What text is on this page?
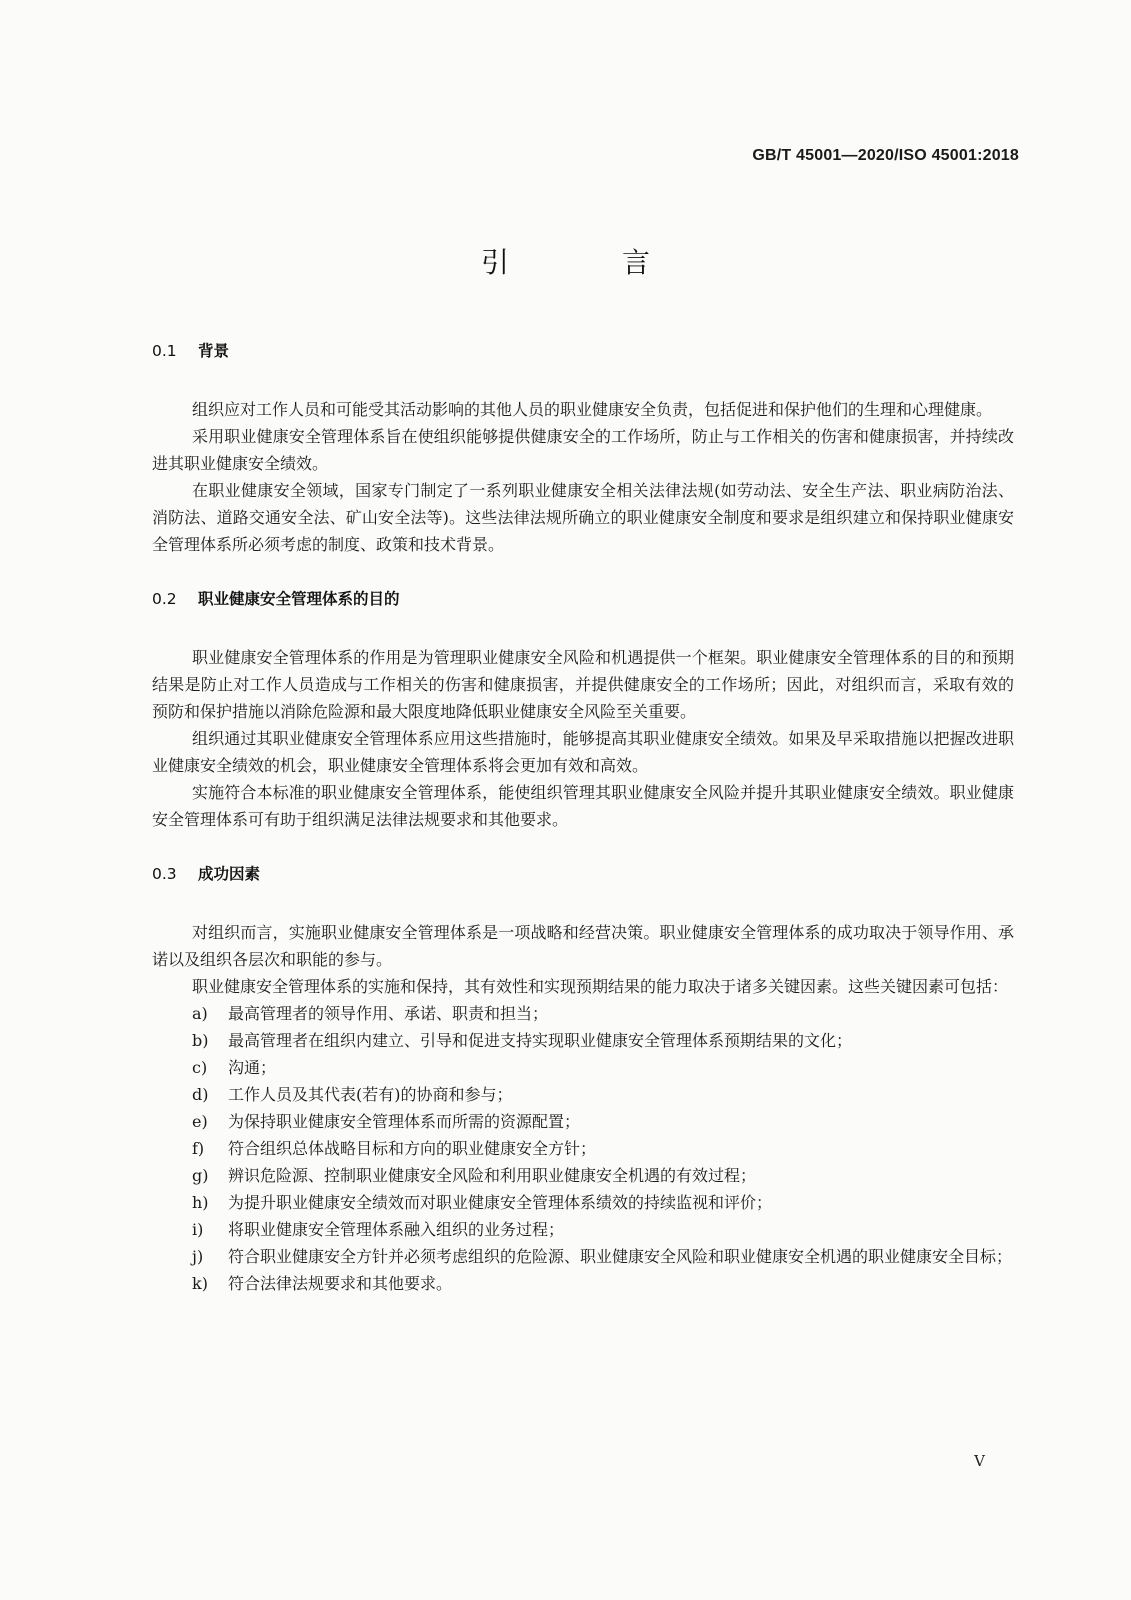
GB/T 45001—2020/ISO 45001:2018
引 言
0.1 背景

组织应对工作人员和可能受其活动影响的其他人员的职业健康安全负责，包括促进和保护他们的生理和心理健康。

采用职业健康安全管理体系旨在使组织能够提供健康安全的工作场所，防止与工作相关的伤害和健康损害，并持续改进其职业健康安全绩效。

在职业健康安全领域，国家专门制定了一系列职业健康安全相关法律法规(如劳动法、安全生产法、职业病防治法、消防法、道路交通安全法、矿山安全法等)。这些法律法规所确立的职业健康安全制度和要求是组织建立和保持职业健康安全管理体系所必须考虑的制度、政策和技术背景。

0.2 职业健康安全管理体系的目的

职业健康安全管理体系的作用是为管理职业健康安全风险和机遇提供一个框架。职业健康安全管理体系的目的和预期结果是防止对工作人员造成与工作相关的伤害和健康损害，并提供健康安全的工作场所；因此，对组织而言，采取有效的预防和保护措施以消除危险源和最大限度地降低职业健康安全风险至关重要。

组织通过其职业健康安全管理体系应用这些措施时，能够提高其职业健康安全绩效。如果及早采取措施以把握改进职业健康安全绩效的机会，职业健康安全管理体系将会更加有效和高效。

实施符合本标准的职业健康安全管理体系，能使组织管理其职业健康安全风险并提升其职业健康安全绩效。职业健康安全管理体系可有助于组织满足法律法规要求和其他要求。

0.3 成功因素

对组织而言，实施职业健康安全管理体系是一项战略和经营决策。职业健康安全管理体系的成功取决于领导作用、承诺以及组织各层次和职能的参与。

职业健康安全管理体系的实施和保持，其有效性和实现预期结果的能力取决于诸多关键因素。这些关键因素可包括：

a)	最高管理者的领导作用、承诺、职责和担当；
b)	最高管理者在组织内建立、引导和促进支持实现职业健康安全管理体系预期结果的文化；
c)	沟通；
d)	工作人员及其代表(若有)的协商和参与；
e)	为保持职业健康安全管理体系而所需的资源配置；
f)	符合组织总体战略目标和方向的职业健康安全方针；
g)	辨识危险源、控制职业健康安全风险和利用职业健康安全机遇的有效过程；
h)	为提升职业健康安全绩效而对职业健康安全管理体系绩效的持续监视和评价；
i)	将职业健康安全管理体系融入组织的业务过程；
j)	符合职业健康安全方针并必须考虑组织的危险源、职业健康安全风险和职业健康安全机遇的职业健康安全目标；
k)	符合法律法规要求和其他要求。
V
